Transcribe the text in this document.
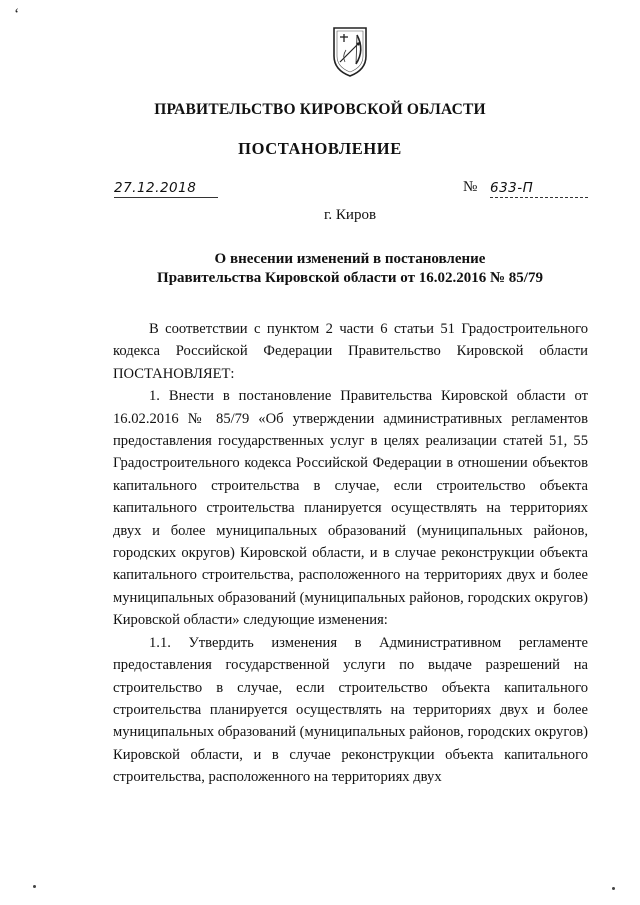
ʻ
ПРАВИТЕЛЬСТВО КИРОВСКОЙ ОБЛАСТИ
ПОСТАНОВЛЕНИЕ
27.12.2018	№ 633-П
г. Киров
О внесении изменений в постановление
Правительства Кировской области от 16.02.2016 № 85/79

В соответствии с пунктом 2 части 6 статьи 51 Градостроительного кодекса Российской Федерации Правительство Кировской области ПОСТАНОВЛЯЕТ:

1. Внести в постановление Правительства Кировской области от 16.02.2016 № 85/79 «Об утверждении административных регламентов предоставления государственных услуг в целях реализации статей 51, 55 Градостроительного кодекса Российской Федерации в отношении объектов капитального строительства в случае, если строительство объекта капитального строительства планируется осуществлять на территориях двух и более муниципальных образований (муниципальных районов, городских округов) Кировской области, и в случае реконструкции объекта капитального строительства, расположенного на территориях двух и более муниципальных образований (муниципальных районов, городских округов) Кировской области» следующие изменения:

1.1. Утвердить изменения в Административном регламенте предоставления государственной услуги по выдаче разрешений на строительство в случае, если строительство объекта капитального строительства планируется осуществлять на территориях двух и более муниципальных образований (муниципальных районов, городских округов) Кировской области, и в случае реконструкции объекта капитального строительства, расположенного на территориях двух
